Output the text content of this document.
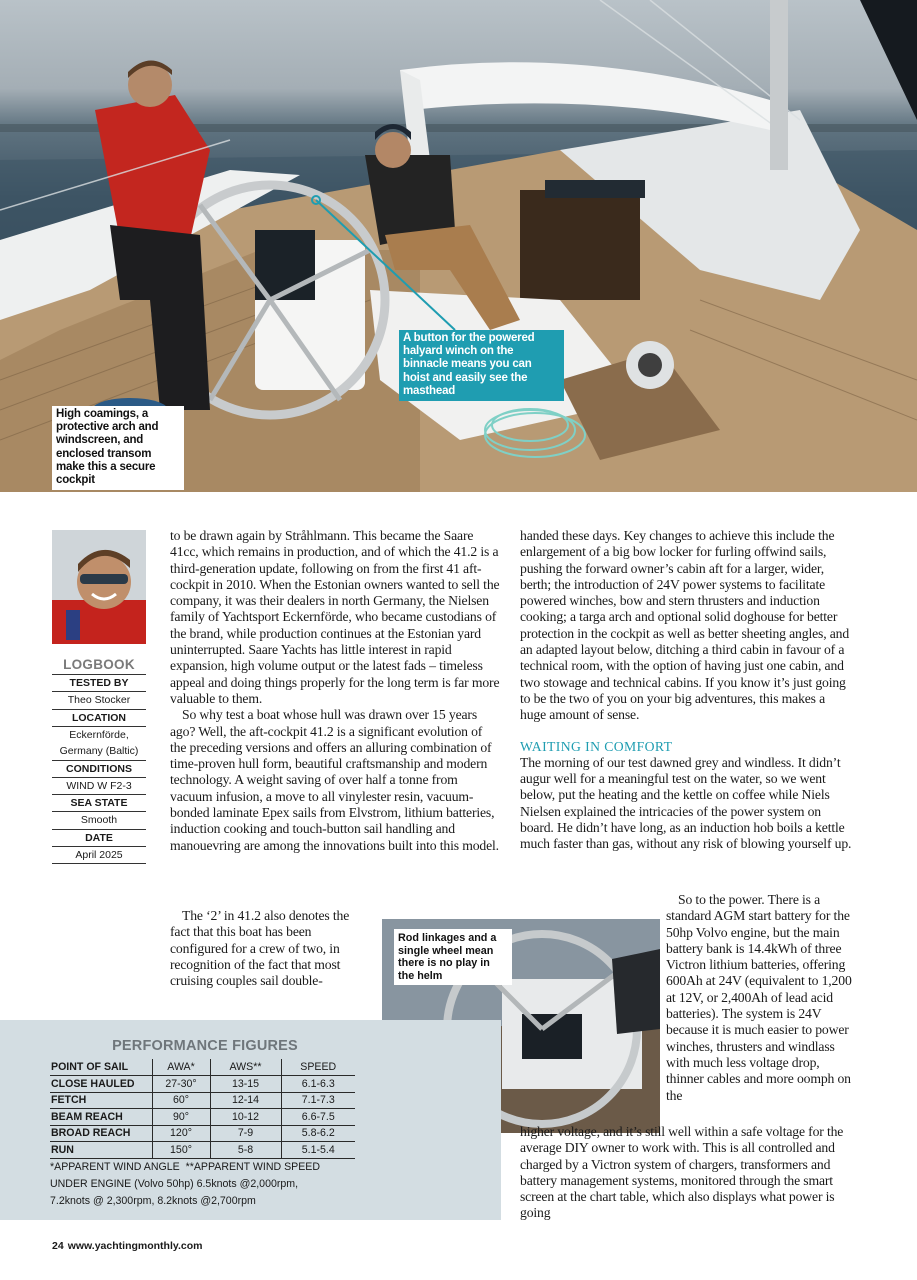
High coamings, a protective arch and windscreen, and enclosed transom make this a secure cockpit
A button for the powered halyard winch on the binnacle means you can hoist and easily see the masthead
LOGBOOK
TESTED BY
Theo Stocker
LOCATION
Eckernförde, Germany (Baltic)
CONDITIONS
WIND W F2-3
SEA STATE
Smooth
DATE
April 2025

to be drawn again by Stråhlmann. This became the Saare 41cc, which remains in production, and of which the 41.2 is a third-generation update, following on from the first 41 aft-cockpit in 2010. When the Estonian owners wanted to sell the company, it was their dealers in north Germany, the Nielsen family of Yachtsport Eckernförde, who became custodians of the brand, while production continues at the Estonian yard uninterrupted. Saare Yachts has little interest in rapid expansion, high volume output or the latest fads – timeless appeal and doing things properly for the long term is far more valuable to them.

So why test a boat whose hull was drawn over 15 years ago? Well, the aft-cockpit 41.2 is a significant evolution of the preceding versions and offers an alluring combination of time-proven hull form, beautiful craftsmanship and modern technology. A weight saving of over half a tonne from vacuum infusion, a move to all vinylester resin, vacuum-bonded laminate Epex sails from Elvstrom, lithium batteries, induction cooking and touch-button sail handling and manouevring are among the innovations built into this model.

The ‘2’ in 41.2 also denotes the fact that this boat has been configured for a crew of two, in recognition of the fact that most cruising couples sail double-

handed these days. Key changes to achieve this include the enlargement of a big bow locker for furling offwind sails, pushing the forward owner’s cabin aft for a larger, wider, berth; the introduction of 24V power systems to facilitate powered winches, bow and stern thrusters and induction cooking; a targa arch and optional solid doghouse for better protection in the cockpit as well as better sheeting angles, and an adapted layout below, ditching a third cabin in favour of a technical room, with the option of having just one cabin, and two stowage and technical cabins. If you know it’s just going to be the two of you on your big adventures, this makes a huge amount of sense.

WAITING IN COMFORT

The morning of our test dawned grey and windless. It didn’t augur well for a meaningful test on the water, so we went below, put the heating and the kettle on coffee while Niels Nielsen explained the intricacies of the power system on board. He didn’t have long, as an induction hob boils a kettle much faster than gas, without any risk of blowing yourself up.

So to the power. There is a standard AGM start battery for the 50hp Volvo engine, but the main battery bank is 14.4kWh of three Victron lithium batteries, offering 600Ah at 24V (equivalent to 1,200 at 12V, or 2,400Ah of lead acid batteries). The system is 24V because it is much easier to power winches, thrusters and windlass with much less voltage drop, thinner cables and more oomph on the

Rod linkages and a single wheel mean there is no play in the helm

higher voltage, and it’s still well within a safe voltage for the average DIY owner to work with. This is all controlled and charged by a Victron system of chargers, transformers and battery management systems, monitored through the smart screen at the chart table, which also displays what power is going

PERFORMANCE FIGURES
POINT OF SAIL	AWA*	AWS**	SPEED
CLOSE HAULED	27-30°	13-15	6.1-6.3
FETCH	60°	12-14	7.1-7.3
BEAM REACH	90°	10-12	6.6-7.5
BROAD REACH	120°	7-9	5.8-6.2
RUN	150°	5-8	5.1-5.4
*APPARENT WIND ANGLE  **APPARENT WIND SPEED
UNDER ENGINE (Volvo 50hp) 6.5knots @2,000rpm,
7.2knots @ 2,300rpm, 8.2knots @2,700rpm
24 www.yachtingmonthly.com
